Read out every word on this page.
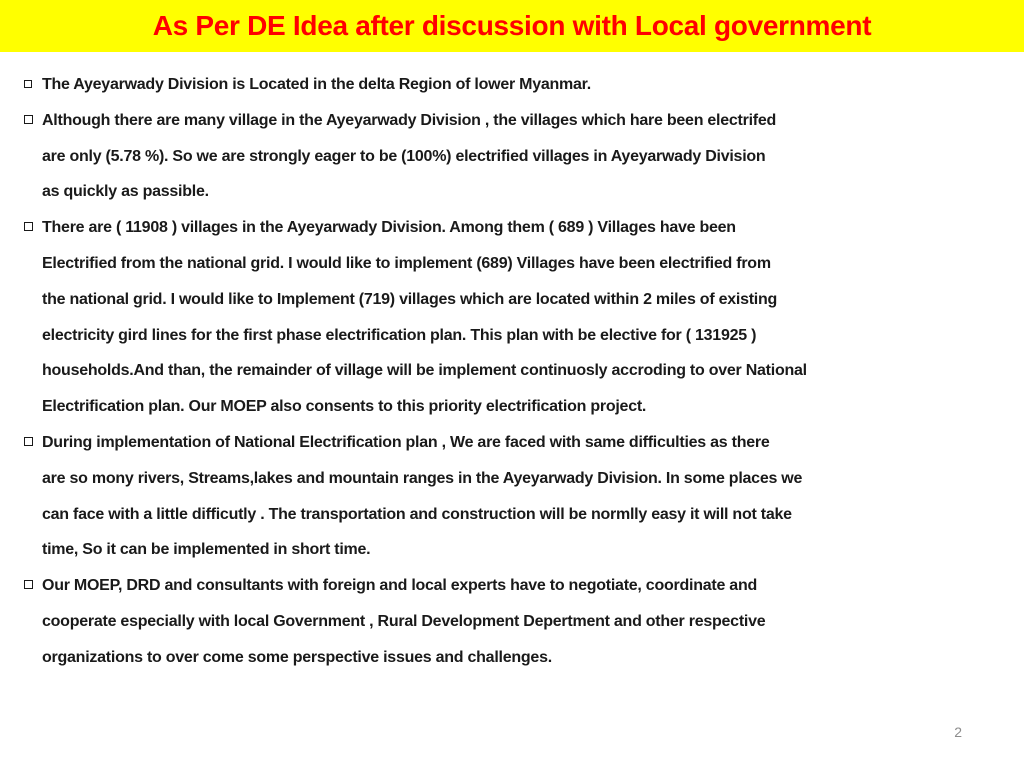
As Per DE Idea after discussion with Local government
The Ayeyarwady Division is Located in the delta Region of lower Myanmar.
Although there are many village in the Ayeyarwady Division , the villages which hare been electrifed
are only (5.78 %). So we are strongly eager to be (100%) electrified villages in Ayeyarwady Division
as quickly as passible.
There are ( 11908 ) villages in the Ayeyarwady Division. Among them ( 689 ) Villages have been
Electrified from the national grid. I would like to implement (689) Villages have been electrified from
the national grid. I would like to Implement (719) villages which are located within 2 miles of existing
electricity gird lines for the first phase electrification plan. This plan with be elective for ( 131925 )
households.And than, the remainder of village will be implement continuosly accroding to over National
Electrification plan. Our MOEP also consents to this priority electrification project.
During implementation of National Electrification plan , We are faced with same difficulties as there
are so mony rivers, Streams,lakes and mountain ranges in the Ayeyarwady Division. In some places we
can face with a little difficutly . The transportation and construction will be normlly easy it will not take
time, So it can be implemented in short time.
Our MOEP, DRD and consultants with foreign and local experts have to negotiate, coordinate and
cooperate especially with local Government , Rural Development Depertment and other respective
organizations to over come some perspective issues and challenges.
2
